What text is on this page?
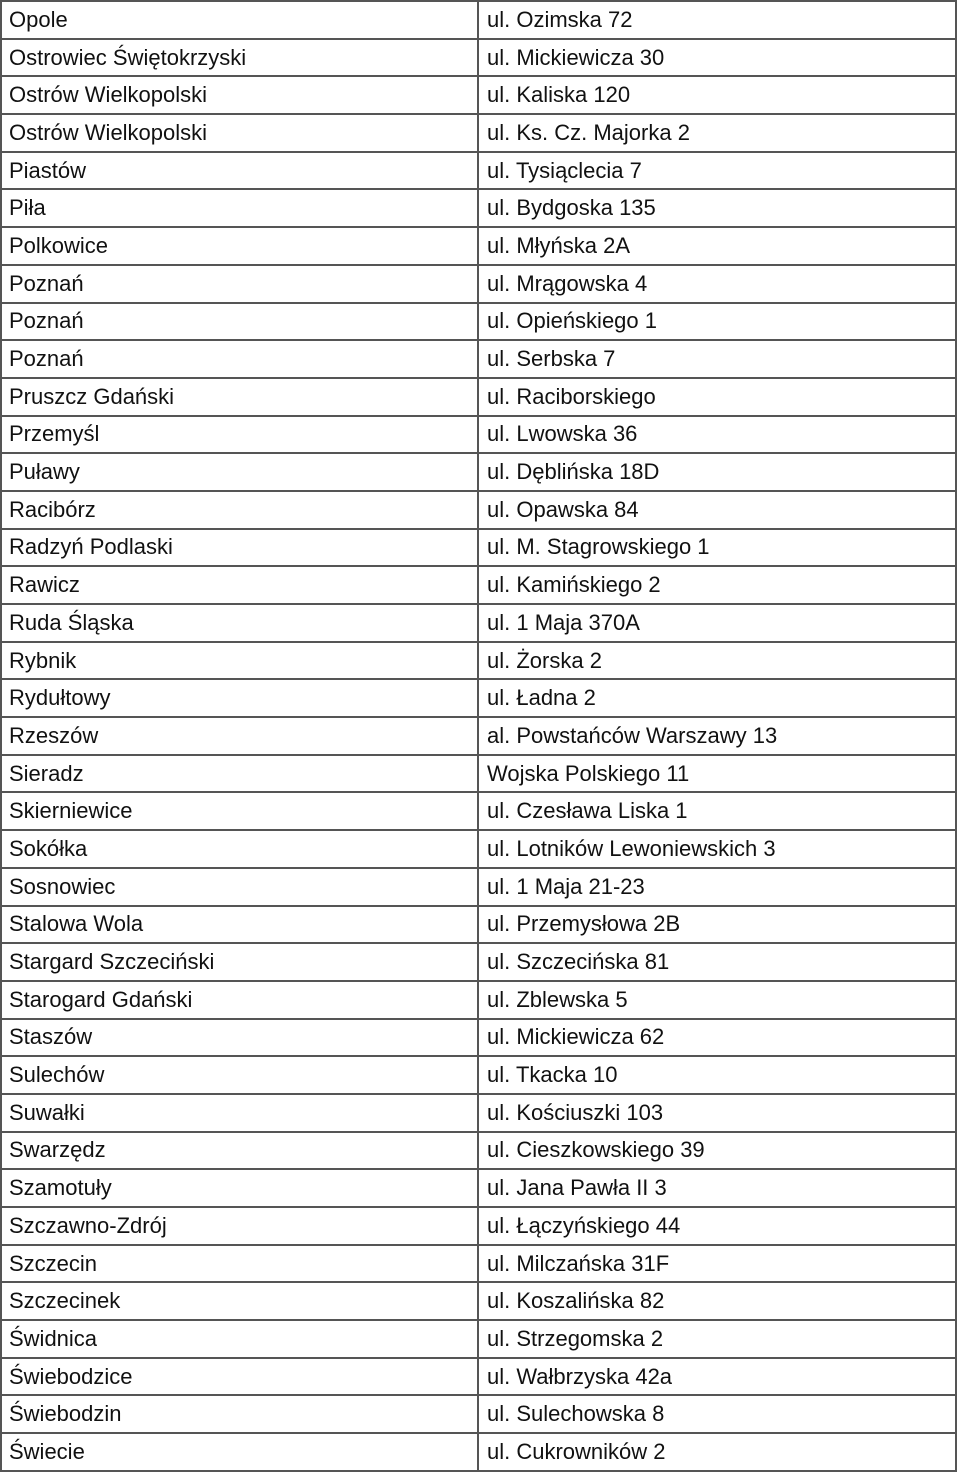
Opole	ul. Ozimska 72
Ostrowiec Świętokrzyski	ul. Mickiewicza 30
Ostrów Wielkopolski	ul. Kaliska 120
Ostrów Wielkopolski	ul. Ks. Cz. Majorka 2
Piastów	ul. Tysiąclecia 7
Piła	ul. Bydgoska 135
Polkowice	ul. Młyńska 2A
Poznań	ul. Mrągowska 4
Poznań	ul. Opieńskiego 1
Poznań	ul. Serbska 7
Pruszcz Gdański	ul. Raciborskiego
Przemyśl	ul. Lwowska 36
Puławy	ul. Dęblińska 18D
Racibórz	ul. Opawska 84
Radzyń Podlaski	ul. M. Stagrowskiego 1
Rawicz	ul. Kamińskiego 2
Ruda Śląska	ul. 1 Maja 370A
Rybnik	ul. Żorska 2
Rydułtowy	ul. Ładna 2
Rzeszów	al. Powstańców Warszawy 13
Sieradz	Wojska Polskiego 11
Skierniewice	ul. Czesława Liska 1
Sokółka	ul. Lotników Lewoniewskich 3
Sosnowiec	ul. 1 Maja 21-23
Stalowa Wola	ul. Przemysłowa 2B
Stargard Szczeciński	ul. Szczecińska 81
Starogard Gdański	ul. Zblewska 5
Staszów	ul. Mickiewicza 62
Sulechów	ul. Tkacka 10
Suwałki	ul. Kościuszki 103
Swarzędz	ul. Cieszkowskiego 39
Szamotuły	ul. Jana Pawła II 3
Szczawno-Zdrój	ul. Łączyńskiego 44
Szczecin	ul. Milczańska 31F
Szczecinek	ul. Koszalińska 82
Świdnica	ul. Strzegomska 2
Świebodzice	ul. Wałbrzyska 42a
Świebodzin	ul. Sulechowska 8
Świecie	ul. Cukrowników 2
